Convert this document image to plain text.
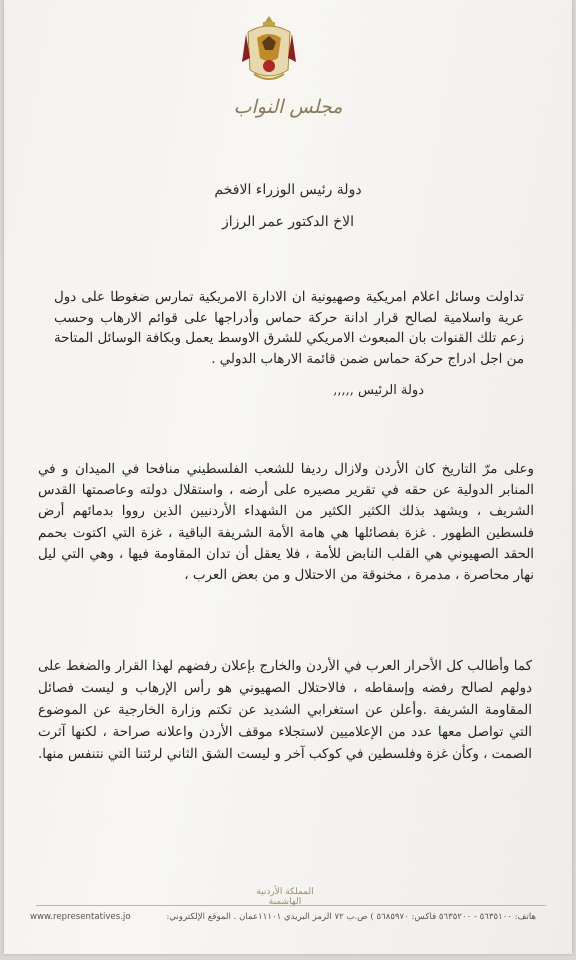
مجلس النواب
دولة رئيس الوزراء الافخم
الاخ الدكتور عمر الرزاز

تداولت وسائل اعلام امريكية وصهيونية ان الادارة الامريكية تمارس ضغوطا على دول عرية واسلامية لصالح قرار ادانة حركة حماس وأدراجها على قوائم الارهاب وحسب زعم تلك القنوات بان المبعوث الامريكي للشرق الاوسط يعمل وبكافة الوسائل المتاحة من اجل ادراج حركة حماس ضمن قائمة الارهاب الدولي .

دولة الرئيس ,,,,,

وعلى مرّ التاريخ كان الأردن ولازال رديفا للشعب الفلسطيني منافحا في الميدان و في المنابر الدولية عن حقه في تقرير مصيره على أرضه ، واستقلال دولته وعاصمتها القدس الشريف ، ويشهد بذلك الكثير الكثير من الشهداء الأردنيين الذين رووا بدمائهم أرض فلسطين الطهور . غزة بفصائلها هي هامة الأمة الشريفة الباقية ، غزة التي اكتوت بحمم الحقد الصهيوني هي القلب النابض للأمة ، فلا يعقل أن تدان المقاومة فيها ، وهي التي ليل نهار محاصرة ، مدمرة ، مخنوقة من الاحتلال و من بعض العرب ،

كما وأطالب كل الأحرار العرب في الأردن والخارج بإعلان رفضهم لهذا القرار والضغط على دولهم لصالح رفضه وإسقاطه ، فالاحتلال الصهيوني هو رأس الإرهاب و ليست فصائل المقاومة الشريفة .وأعلن عن استغرابي الشديد عن تكتم وزارة الخارجية عن الموضوع التي تواصل معها عدد من الإعلاميين لاستجلاء موقف الأردن واعلانه صراحة ، لكنها آثرت الصمت ، وكأن غزة وفلسطين في كوكب آخر و ليست الشق الثاني لرئتنا التي نتنفس منها.

المملكة الأردنية الهاشمية
هاتف: ٥٦٣٥١٠٠ - ٥٦٣٥٢٠٠ فاكس: ٥٦٨٥٩٧٠ ) ص.ب ٧٢ الرمز البريدي ١١١٠١عمان . الموقع الإلكتروني:
www.representatives.jo
